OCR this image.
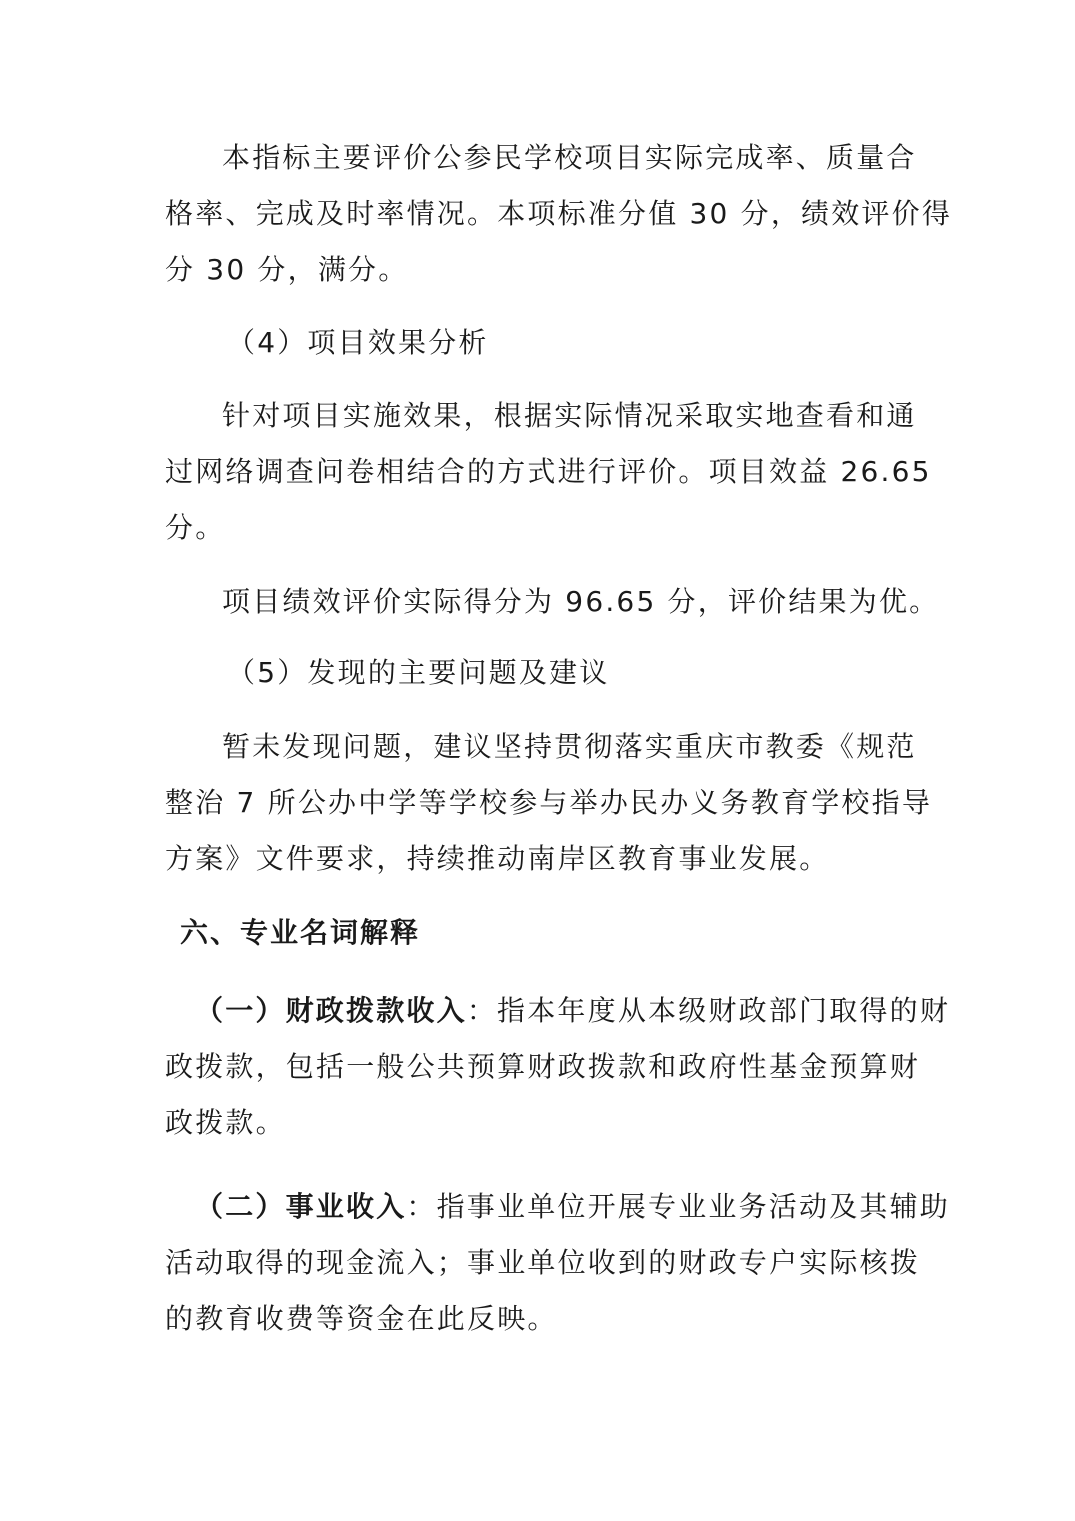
本指标主要评价公参民学校项目实际完成率、质量合
格率、完成及时率情况。本项标准分值 30 分，绩效评价得
分 30 分，满分。
（4）项目效果分析
针对项目实施效果，根据实际情况采取实地查看和通
过网络调查问卷相结合的方式进行评价。项目效益 26.65
分。
项目绩效评价实际得分为 96.65 分，评价结果为优。
（5）发现的主要问题及建议
暂未发现问题，建议坚持贯彻落实重庆市教委《规范
整治 7 所公办中学等学校参与举办民办义务教育学校指导
方案》文件要求，持续推动南岸区教育事业发展。
六、专业名词解释
（一）财政拨款收入：指本年度从本级财政部门取得的财
政拨款，包括一般公共预算财政拨款和政府性基金预算财
政拨款。
（二）事业收入：指事业单位开展专业业务活动及其辅助
活动取得的现金流入；事业单位收到的财政专户实际核拨
的教育收费等资金在此反映。
